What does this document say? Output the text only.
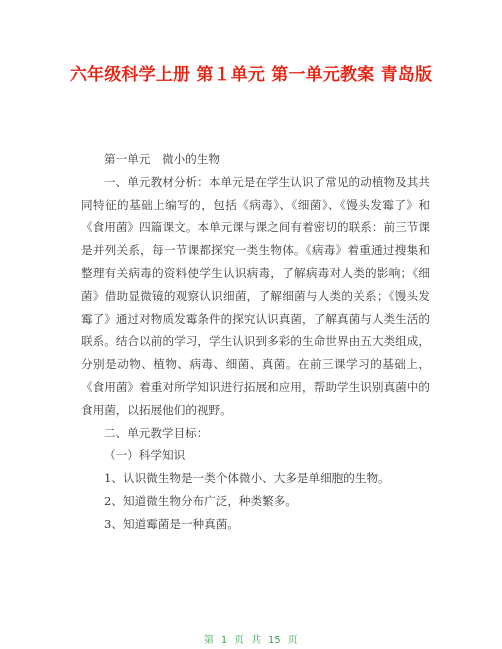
六年级科学上册 第１单元 第一单元教案 青岛版

第一单元　微小的生物

一、单元教材分析：本单元是在学生认识了常见的动植物及其共同特征的基础上编写的，包括《病毒》、《细菌》、《馒头发霉了》和《食用菌》四篇课文。本单元课与课之间有着密切的联系：前三节课是并列关系，每一节课都探究一类生物体。《病毒》着重通过搜集和整理有关病毒的资料使学生认识病毒，了解病毒对人类的影响；《细菌》借助显微镜的观察认识细菌，了解细菌与人类的关系；《馒头发霉了》通过对物质发霉条件的探究认识真菌，了解真菌与人类生活的联系。结合以前的学习，学生认识到多彩的生命世界由五大类组成，分别是动物、植物、病毒、细菌、真菌。在前三课学习的基础上，《食用菌》着重对所学知识进行拓展和应用，帮助学生识别真菌中的食用菌，以拓展他们的视野。

二、单元教学目标：

（一）科学知识

1、认识微生物是一类个体微小、大多是单细胞的生物。

2、知道微生物分布广泛，种类繁多。

3、知道霉菌是一种真菌。

第 1 页 共 15 页
